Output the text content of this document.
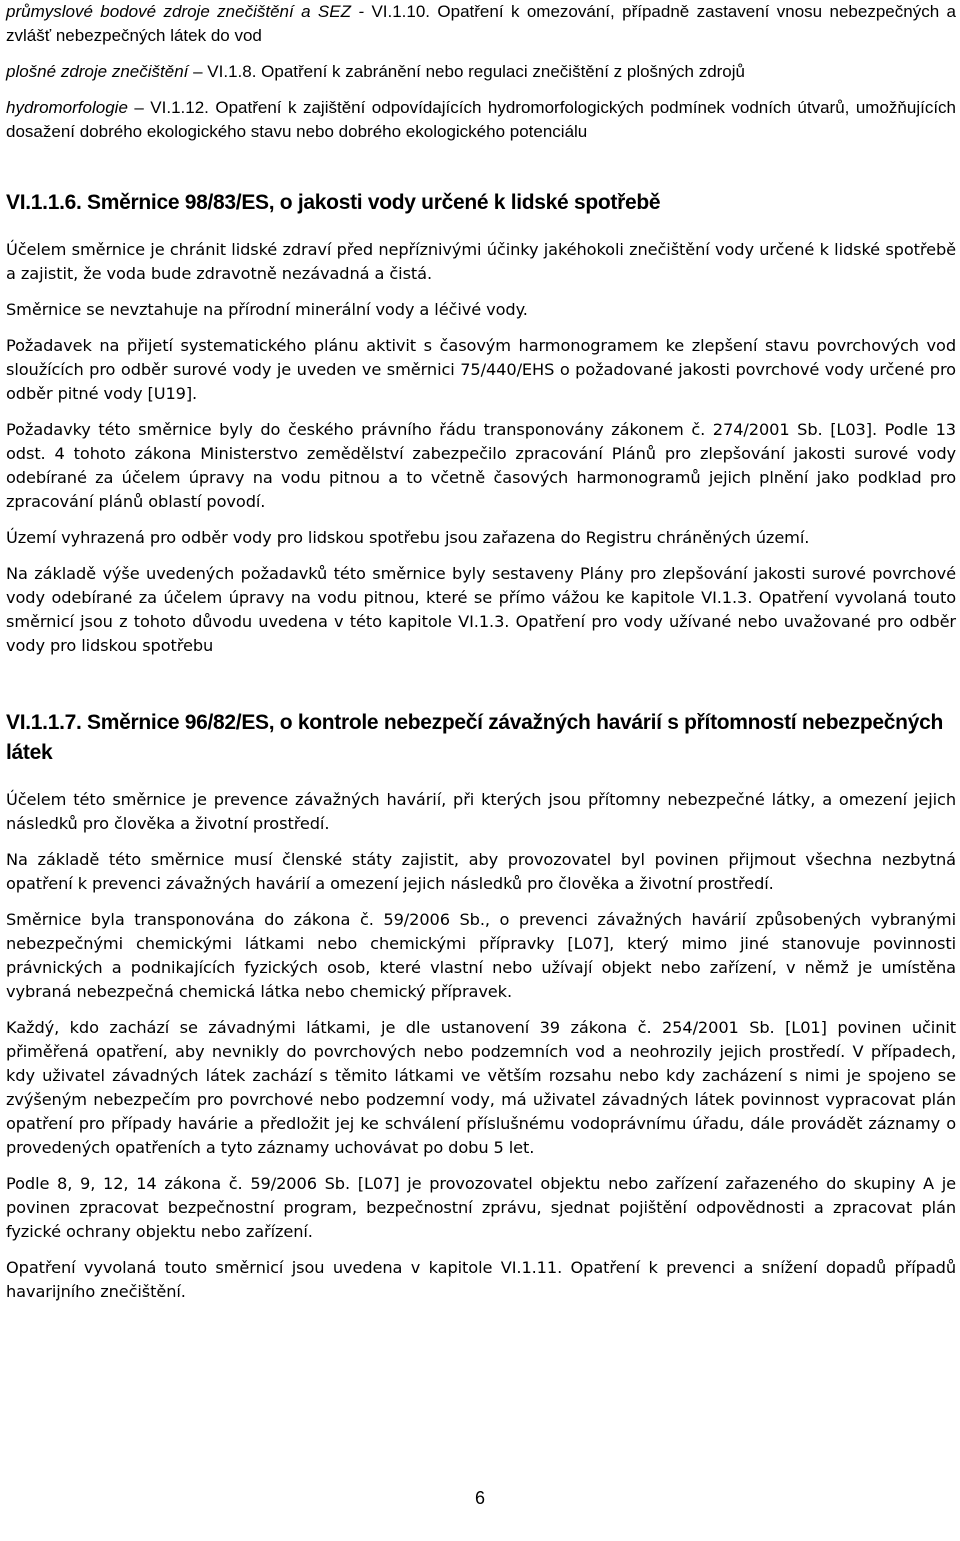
průmyslové bodové zdroje znečištění a SEZ - VI.1.10. Opatření k omezování, případně zastavení vnosu nebezpečných a zvlášť nebezpečných látek do vod

plošné zdroje znečištění – VI.1.8. Opatření k zabránění nebo regulaci znečištění z plošných zdrojů

hydromorfologie – VI.1.12. Opatření k zajištění odpovídajících hydromorfologických podmínek vodních útvarů, umožňujících dosažení dobrého ekologického stavu nebo dobrého ekologického potenciálu

VI.1.1.6. Směrnice 98/83/ES, o jakosti vody určené k lidské spotřebě

Účelem směrnice je chránit lidské zdraví před nepříznivými účinky jakéhokoli znečištění vody určené k lidské spotřebě a zajistit, že voda bude zdravotně nezávadná a čistá.

Směrnice se nevztahuje na přírodní minerální vody a léčivé vody.

Požadavek na přijetí systematického plánu aktivit s časovým harmonogramem ke zlepšení stavu povrchových vod sloužících pro odběr surové vody je uveden ve směrnici 75/440/EHS o požadované jakosti povrchové vody určené pro odběr pitné vody [U19].

Požadavky této směrnice byly do českého právního řádu transponovány zákonem č. 274/2001 Sb. [L03]. Podle 13 odst. 4 tohoto zákona Ministerstvo zemědělství zabezpečilo zpracování Plánů pro zlepšování jakosti surové vody odebírané za účelem úpravy na vodu pitnou a to včetně časových harmonogramů jejich plnění jako podklad pro zpracování plánů oblastí povodí.

Území vyhrazená pro odběr vody pro lidskou spotřebu jsou zařazena do Registru chráněných území.

Na základě výše uvedených požadavků této směrnice byly sestaveny Plány pro zlepšování jakosti surové povrchové vody odebírané za účelem úpravy na vodu pitnou, které se přímo vážou ke kapitole VI.1.3. Opatření vyvolaná touto směrnicí jsou z tohoto důvodu uvedena v této kapitole VI.1.3. Opatření pro vody užívané nebo uvažované pro odběr vody pro lidskou spotřebu

VI.1.1.7. Směrnice 96/82/ES, o kontrole nebezpečí závažných havárií s přítomností nebezpečných látek

Účelem této směrnice je prevence závažných havárií, při kterých jsou přítomny nebezpečné látky, a omezení jejich následků pro člověka a životní prostředí.

Na základě této směrnice musí členské státy zajistit, aby provozovatel byl povinen přijmout všechna nezbytná opatření k prevenci závažných havárií a omezení jejich následků pro člověka a životní prostředí.

Směrnice byla transponována do zákona č. 59/2006 Sb., o prevenci závažných havárií způsobených vybranými nebezpečnými chemickými látkami nebo chemickými přípravky [L07], který mimo jiné stanovuje povinnosti právnických a podnikajících fyzických osob, které vlastní nebo užívají objekt nebo zařízení, v němž je umístěna vybraná nebezpečná chemická látka nebo chemický přípravek.

Každý, kdo zachází se závadnými látkami, je dle ustanovení 39 zákona č. 254/2001 Sb. [L01] povinen učinit přiměřená opatření, aby nevnikly do povrchových nebo podzemních vod a neohrozily jejich prostředí. V případech, kdy uživatel závadných látek zachází s těmito látkami ve větším rozsahu nebo kdy zacházení s nimi je spojeno se zvýšeným nebezpečím pro povrchové nebo podzemní vody, má uživatel závadných látek povinnost vypracovat plán opatření pro případy havárie a předložit jej ke schválení příslušnému vodoprávnímu úřadu, dále provádět záznamy o provedených opatřeních a tyto záznamy uchovávat po dobu 5 let.

Podle 8, 9, 12, 14 zákona č. 59/2006 Sb. [L07] je provozovatel objektu nebo zařízení zařazeného do skupiny A je povinen zpracovat bezpečnostní program, bezpečnostní zprávu, sjednat pojištění odpovědnosti a zpracovat plán fyzické ochrany objektu nebo zařízení.

Opatření vyvolaná touto směrnicí jsou uvedena v kapitole VI.1.11. Opatření k prevenci a snížení dopadů případů havarijního znečištění.

6
